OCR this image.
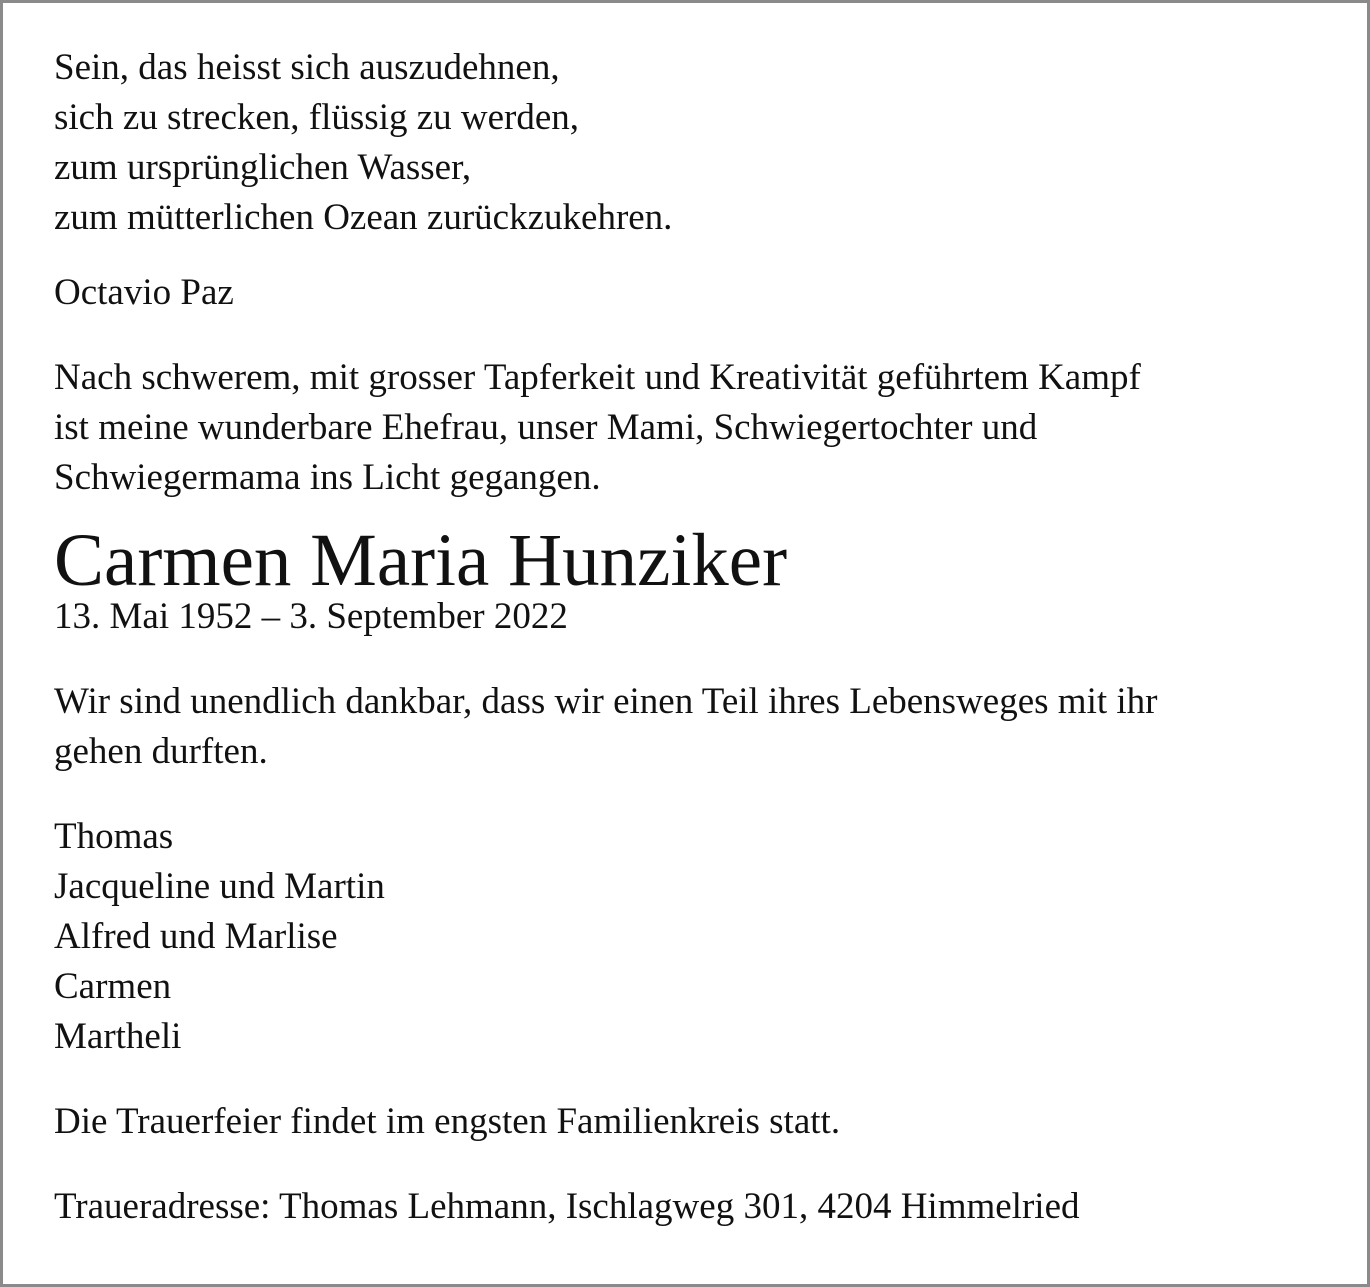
Sein, das heisst sich auszudehnen,
sich zu strecken, flüssig zu werden,
zum ursprünglichen Wasser,
zum mütterlichen Ozean zurückzukehren.
Octavio Paz
Nach schwerem, mit grosser Tapferkeit und Kreativität geführtem Kampf
ist meine wunderbare Ehefrau, unser Mami, Schwiegertochter und
Schwiegermama ins Licht gegangen.
Carmen Maria Hunziker
13. Mai 1952 – 3. September 2022
Wir sind unendlich dankbar, dass wir einen Teil ihres Lebensweges mit ihr
gehen durften.
Thomas
Jacqueline und Martin
Alfred und Marlise
Carmen
Martheli
Die Trauerfeier findet im engsten Familienkreis statt.
Traueradresse: Thomas Lehmann, Ischlagweg 301, 4204 Himmelried
